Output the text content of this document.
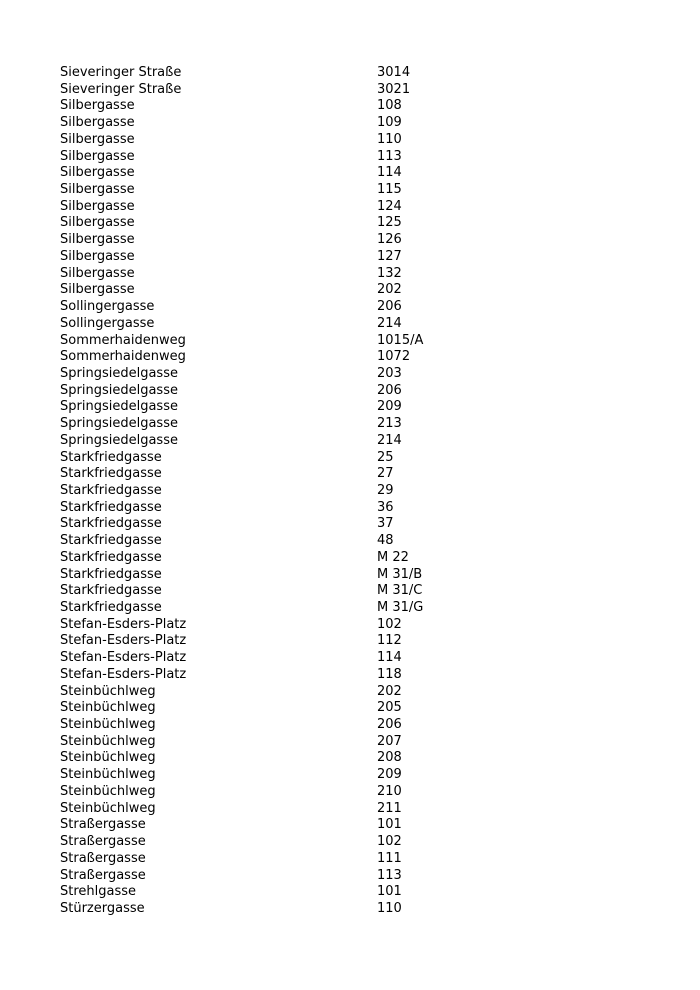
Sieveringer Straße	3014
Sieveringer Straße	3021
Silbergasse	108
Silbergasse	109
Silbergasse	110
Silbergasse	113
Silbergasse	114
Silbergasse	115
Silbergasse	124
Silbergasse	125
Silbergasse	126
Silbergasse	127
Silbergasse	132
Silbergasse	202
Sollingergasse	206
Sollingergasse	214
Sommerhaidenweg	1015/A
Sommerhaidenweg	1072
Springsiedelgasse	203
Springsiedelgasse	206
Springsiedelgasse	209
Springsiedelgasse	213
Springsiedelgasse	214
Starkfriedgasse	25
Starkfriedgasse	27
Starkfriedgasse	29
Starkfriedgasse	36
Starkfriedgasse	37
Starkfriedgasse	48
Starkfriedgasse	M 22
Starkfriedgasse	M 31/B
Starkfriedgasse	M 31/C
Starkfriedgasse	M 31/G
Stefan-Esders-Platz	102
Stefan-Esders-Platz	112
Stefan-Esders-Platz	114
Stefan-Esders-Platz	118
Steinbüchlweg	202
Steinbüchlweg	205
Steinbüchlweg	206
Steinbüchlweg	207
Steinbüchlweg	208
Steinbüchlweg	209
Steinbüchlweg	210
Steinbüchlweg	211
Straßergasse	101
Straßergasse	102
Straßergasse	111
Straßergasse	113
Strehlgasse	101
Stürzergasse	110
